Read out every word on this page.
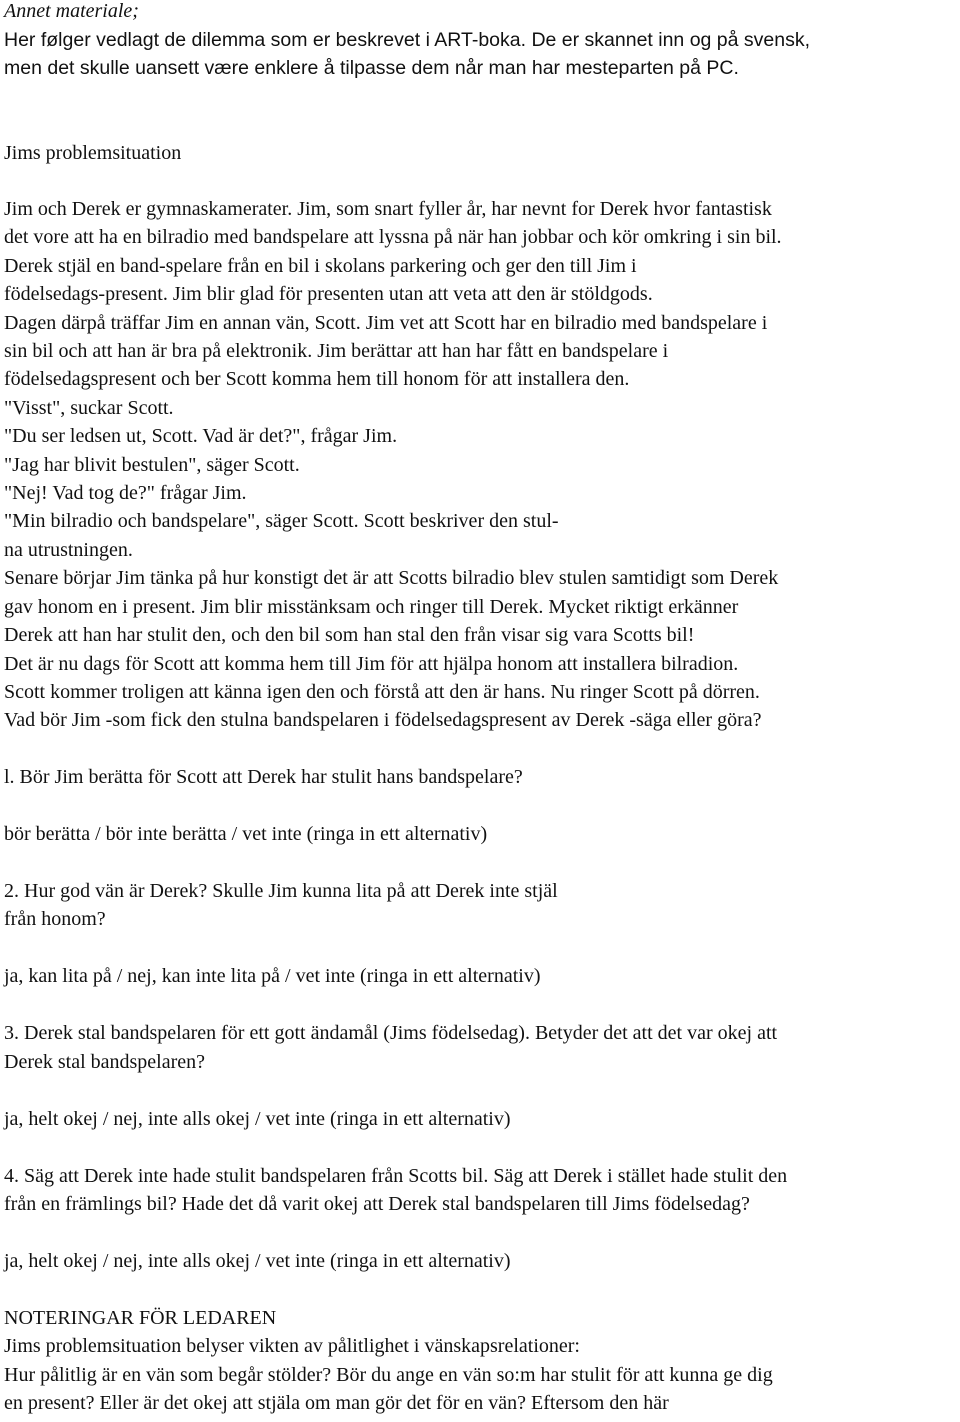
Annet materiale;
Her følger vedlagt de dilemma som er beskrevet i ART-boka. De er skannet inn og på svensk,
men det skulle uansett være enklere å tilpasse dem når man har mesteparten på PC.
Jims problemsituation
Jim och Derek er gymnaskamerater. Jim, som snart fyller år, har nevnt for Derek hvor fantastisk
det vore att ha en bilradio med bandspelare att lyssna på när han jobbar och kör omkring i sin bil.
Derek stjäl en band-spelare från en bil i skolans parkering och ger den till Jim i
födelsedags-present. Jim blir glad för presenten utan att veta att den är stöldgods.
Dagen därpå träffar Jim en annan vän, Scott. Jim vet att Scott har en bilradio med bandspelare i
sin bil och att han är bra på elektronik. Jim berättar att han har fått en bandspelare i
födelsedagspresent och ber Scott komma hem till honom för att installera den.
"Visst", suckar Scott.
"Du ser ledsen ut, Scott. Vad är det?", frågar Jim.
"Jag har blivit bestulen", säger Scott.
"Nej! Vad tog de?" frågar Jim.
"Min bilradio och bandspelare", säger Scott. Scott beskriver den stul-
na utrustningen.
Senare börjar Jim tänka på hur konstigt det är att Scotts bilradio blev stulen samtidigt som Derek
gav honom en i present. Jim blir misstänksam och ringer till Derek. Mycket riktigt erkänner
Derek att han har stulit den, och den bil som han stal den från visar sig vara Scotts bil!
Det är nu dags för Scott att komma hem till Jim för att hjälpa honom att installera bilradion.
Scott kommer troligen att känna igen den och förstå att den är hans. Nu ringer Scott på dörren.
Vad bör Jim -som fick den stulna bandspelaren i födelsedagspresent av Derek -säga eller göra?
l. Bör Jim berätta för Scott att Derek har stulit hans bandspelare?
bör berätta / bör inte berätta / vet inte (ringa in ett alternativ)
2. Hur god vän är Derek? Skulle Jim kunna lita på att Derek inte stjäl
från honom?
ja, kan lita på / nej, kan inte lita på / vet inte (ringa in ett alternativ)
3. Derek stal bandspelaren för ett gott ändamål (Jims födelsedag). Betyder det att det var okej att
Derek stal bandspelaren?
ja, helt okej / nej, inte alls okej / vet inte (ringa in ett alternativ)
4. Säg att Derek inte hade stulit bandspelaren från Scotts bil. Säg att Derek i stället hade stulit den
från en främlings bil? Hade det då varit okej att Derek stal bandspelaren till Jims födelsedag?
ja, helt okej / nej, inte alls okej / vet inte (ringa in ett alternativ)
NOTERINGAR FÖR LEDAREN
Jims problemsituation belyser vikten av pålitlighet i vänskapsrelationer:
Hur pålitlig är en vän som begår stölder? Bör du ange en vän so:m har stulit för att kunna ge dig
en present? Eller är det okej att stjäla om man gör det för en vän? Eftersom den här
